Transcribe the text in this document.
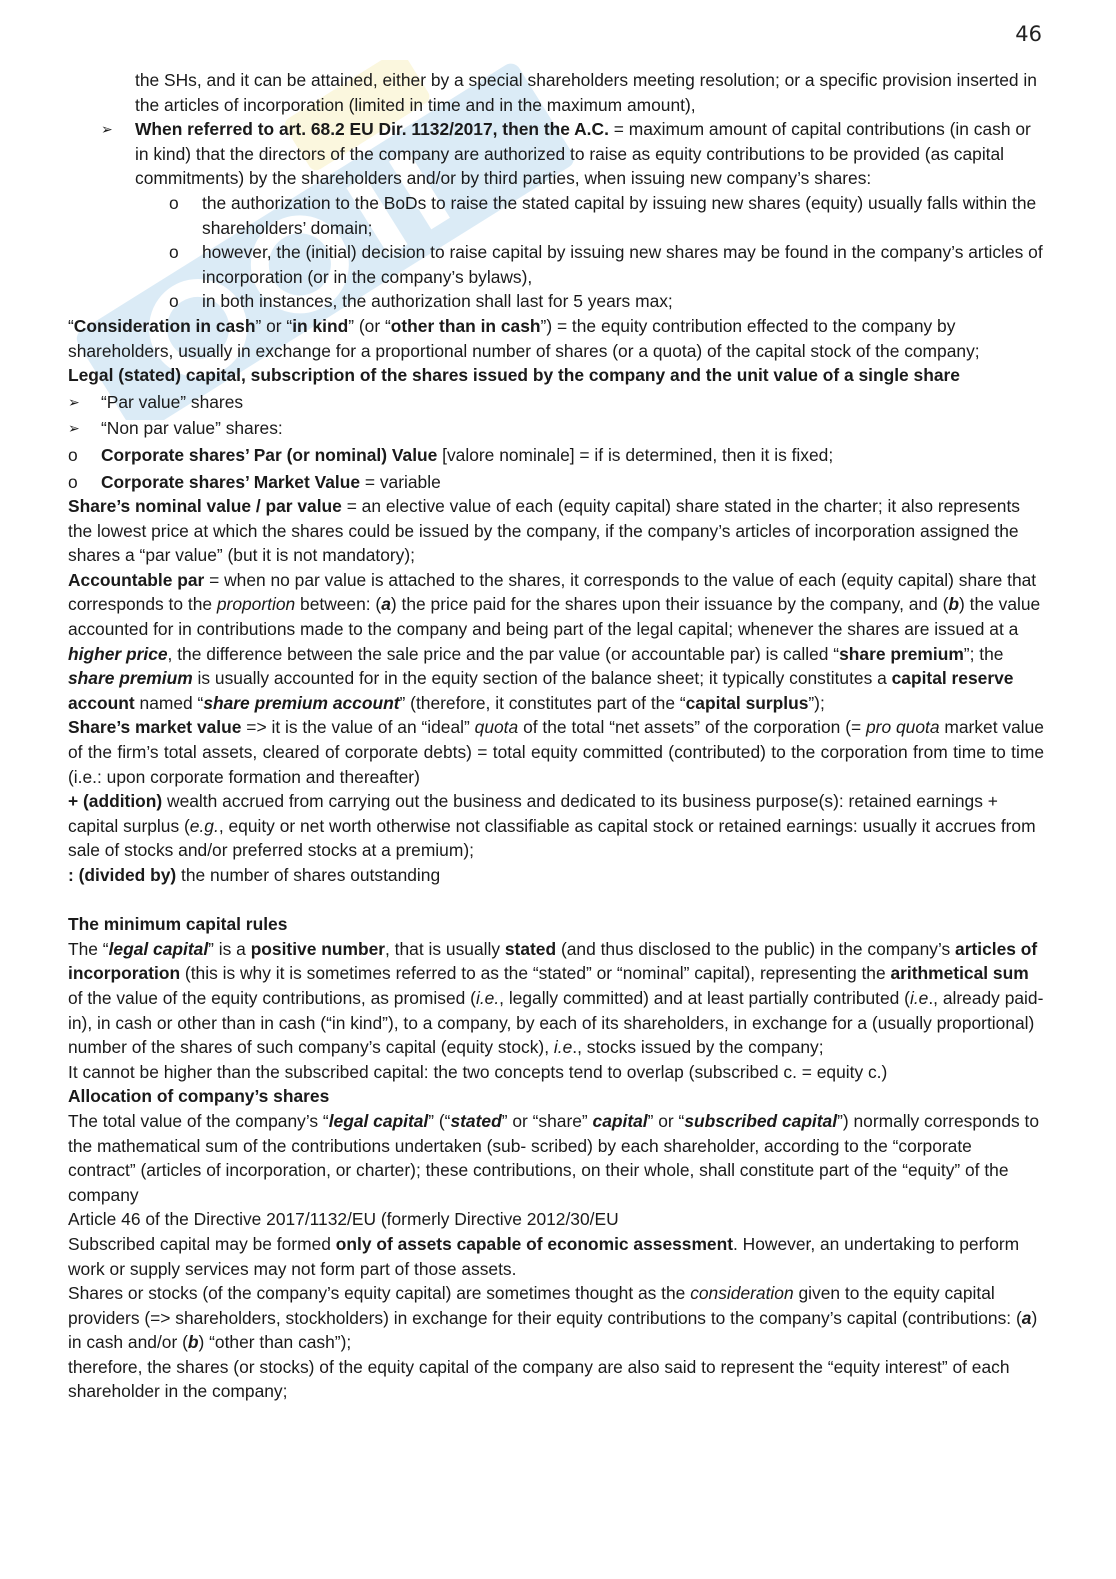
46

the SHs, and it can be attained, either by a special shareholders meeting resolution; or a specific provision inserted in the articles of incorporation (limited in time and in the maximum amount),

➢ When referred to art. 68.2 EU Dir. 1132/2017, then the A.C. = maximum amount of capital contributions (in cash or in kind) that the directors of the company are authorized to raise as equity contributions to be provided (as capital commitments) by the shareholders and/or by third parties, when issuing new company’s shares:

o the authorization to the BoDs to raise the stated capital by issuing new shares (equity) usually falls within the shareholders’ domain;

o however, the (initial) decision to raise capital by issuing new shares may be found in the company’s articles of incorporation (or in the company’s bylaws),

o in both instances, the authorization shall last for 5 years max;

“Consideration in cash” or “in kind” (or “other than in cash”) = the equity contribution effected to the company by shareholders, usually in exchange for a proportional number of shares (or a quota) of the capital stock of the company;

Legal (stated) capital, subscription of the shares issued by the company and the unit value of a single share

➢ “Par value” shares

➢ “Non par value” shares:

o Corporate shares’ Par (or nominal) Value [valore nominale] = if is determined, then it is fixed;

o Corporate shares’ Market Value = variable

Share’s nominal value / par value = an elective value of each (equity capital) share stated in the charter; it also represents the lowest price at which the shares could be issued by the company, if the company’s articles of incorporation assigned the shares a “par value” (but it is not mandatory);

Accountable par = when no par value is attached to the shares, it corresponds to the value of each (equity capital) share that corresponds to the proportion between: (a) the price paid for the shares upon their issuance by the company, and (b) the value accounted for in contributions made to the company and being part of the legal capital; whenever the shares are issued at a higher price, the difference between the sale price and the par value (or accountable par) is called “share premium”; the share premium is usually accounted for in the equity section of the balance sheet; it typically constitutes a capital reserve account named “share premium account” (therefore, it constitutes part of the “capital surplus”);

Share’s market value => it is the value of an “ideal” quota of the total “net assets” of the corporation (= pro quota market value of the firm’s total assets, cleared of corporate debts) = total equity committed (contributed) to the corporation from time to time (i.e.: upon corporate formation and thereafter)

+ (addition) wealth accrued from carrying out the business and dedicated to its business purpose(s): retained earnings + capital surplus (e.g., equity or net worth otherwise not classifiable as capital stock or retained earnings: usually it accrues from sale of stocks and/or preferred stocks at a premium);

: (divided by) the number of shares outstanding

The minimum capital rules

The “legal capital” is a positive number, that is usually stated (and thus disclosed to the public) in the company’s articles of incorporation (this is why it is sometimes referred to as the “stated” or “nominal” capital), representing the arithmetical sum of the value of the equity contributions, as promised (i.e., legally committed) and at least partially contributed (i.e., already paid-in), in cash or other than in cash (“in kind”), to a company, by each of its shareholders, in exchange for a (usually proportional) number of the shares of such company’s capital (equity stock), i.e., stocks issued by the company;

It cannot be higher than the subscribed capital: the two concepts tend to overlap (subscribed c. = equity c.)

Allocation of company’s shares

The total value of the company’s “legal capital” (“stated” or “share” capital” or “subscribed capital”) normally corresponds to the mathematical sum of the contributions undertaken (sub- scribed) by each shareholder, according to the “corporate contract” (articles of incorporation, or charter); these contributions, on their whole, shall constitute part of the “equity” of the company

Article 46 of the Directive 2017/1132/EU (formerly Directive 2012/30/EU

Subscribed capital may be formed only of assets capable of economic assessment. However, an undertaking to perform work or supply services may not form part of those assets.

Shares or stocks (of the company’s equity capital) are sometimes thought as the consideration given to the equity capital providers (=> shareholders, stockholders) in exchange for their equity contributions to the company’s capital (contributions: (a) in cash and/or (b) “other than cash”);

therefore, the shares (or stocks) of the equity capital of the company are also said to represent the “equity interest” of each shareholder in the company;
